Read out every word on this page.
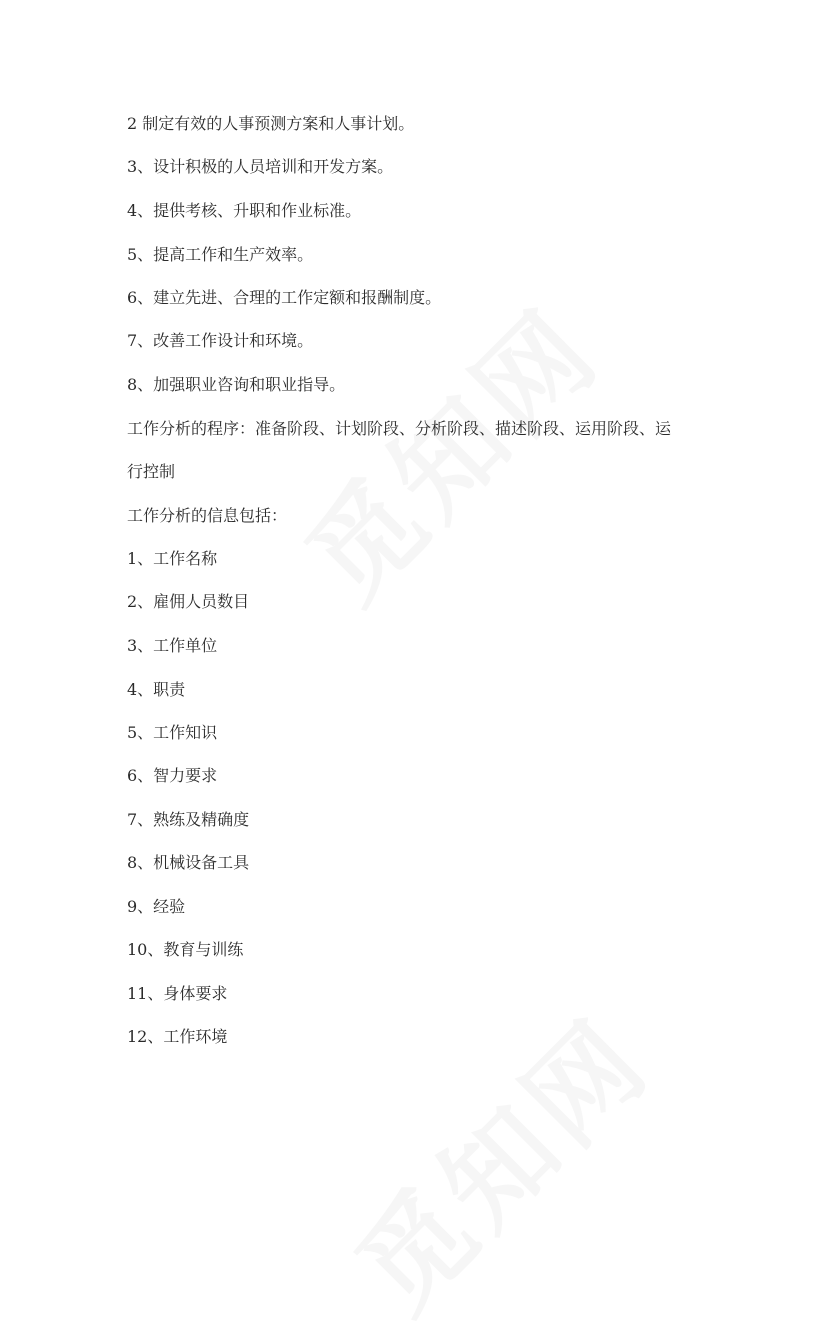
2 制定有效的人事预测方案和人事计划。
3、设计积极的人员培训和开发方案。
4、提供考核、升职和作业标准。
5、提高工作和生产效率。
6、建立先进、合理的工作定额和报酬制度。
7、改善工作设计和环境。
8、加强职业咨询和职业指导。
工作分析的程序：准备阶段、计划阶段、分析阶段、描述阶段、运用阶段、运
行控制
工作分析的信息包括：
1、工作名称
2、雇佣人员数目
3、工作单位
4、职责
5、工作知识
6、智力要求
7、熟练及精确度
8、机械设备工具
9、经验
10、教育与训练
11、身体要求
12、工作环境
